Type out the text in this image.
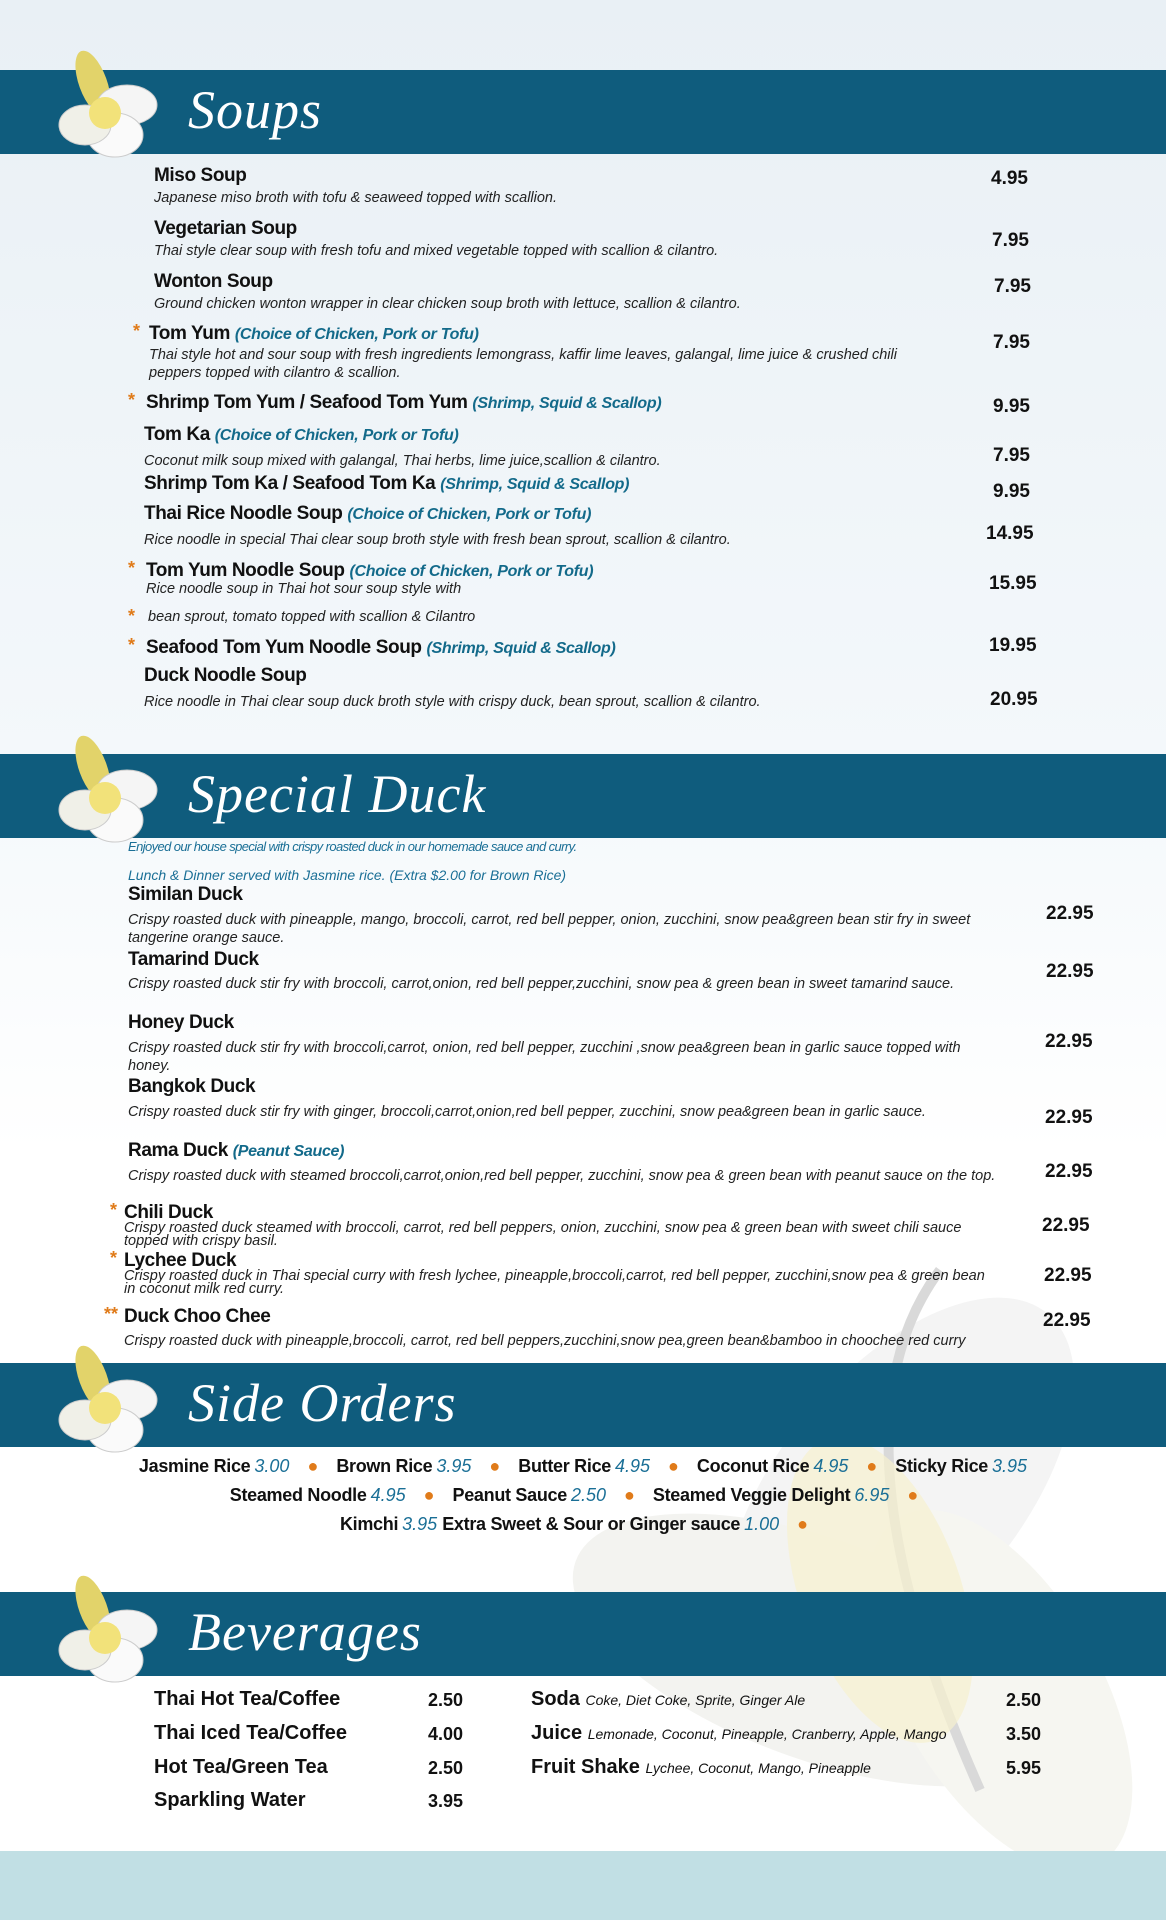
Soups
Miso Soup
Japanese miso broth with tofu & seaweed topped with scallion.
4.95
Vegetarian Soup
Thai style clear soup with fresh tofu and mixed vegetable topped with scallion & cilantro.	7.95
Wonton Soup
Ground chicken wonton wrapper in clear chicken soup broth with lettuce, scallion & cilantro.
7.95
* Tom Yum (Choice of Chicken, Pork or Tofu)
Thai style hot and sour soup with fresh ingredients lemongrass, kaffir lime leaves, galangal, lime juice & crushed chili peppers topped with cilantro & scallion.
7.95
* Shrimp Tom Yum / Seafood Tom Yum (Shrimp, Squid & Scallop)	9.95
Tom Ka (Choice of Chicken, Pork or Tofu)
Coconut milk soup mixed with galangal, Thai herbs, lime juice,scallion & cilantro.	7.95
Shrimp Tom Ka / Seafood Tom Ka (Shrimp, Squid & Scallop)	9.95
Thai Rice Noodle Soup (Choice of Chicken, Pork or Tofu)
Rice noodle in special Thai clear soup broth style with fresh bean sprout, scallion & cilantro.	14.95
* Tom Yum Noodle Soup (Choice of Chicken, Pork or Tofu)
Rice noodle soup in Thai hot sour soup style with	15.95
* bean sprout, tomato topped with scallion & Cilantro
* Seafood Tom Yum Noodle Soup (Shrimp, Squid & Scallop)	19.95
Duck Noodle Soup
Rice noodle in Thai clear soup duck broth style with crispy duck, bean sprout, scallion & cilantro.	20.95
Special Duck
Enjoyed our house special with crispy roasted duck in our homemade sauce and curry.
Lunch & Dinner served with Jasmine rice. (Extra $2.00 for Brown Rice)
Similan Duck
Crispy roasted duck with pineapple, mango, broccoli, carrot, red bell pepper, onion, zucchini, snow pea&green bean stir fry in sweet tangerine orange sauce.
22.95
Tamarind Duck
Crispy roasted duck stir fry with broccoli, carrot,onion, red bell pepper,zucchini, snow pea & green bean in sweet tamarind sauce.
22.95
Honey Duck
Crispy roasted duck stir fry with broccoli,carrot, onion, red bell pepper, zucchini ,snow pea&green bean in garlic sauce topped with honey.
22.95
Bangkok Duck
Crispy roasted duck stir fry with ginger, broccoli,carrot,onion,red bell pepper, zucchini, snow pea&green bean in garlic sauce.	22.95
Rama Duck (Peanut Sauce)
Crispy roasted duck with steamed broccoli,carrot,onion,red bell pepper, zucchini, snow pea & green bean with peanut sauce on the top.	22.95
* Chili Duck
Crispy roasted duck steamed with broccoli, carrot, red bell peppers, onion, zucchini, snow pea & green bean with sweet chili sauce topped with crispy basil.
22.95
* Lychee Duck
Crispy roasted duck in Thai special curry with fresh lychee, pineapple,broccoli,carrot, red bell pepper, zucchini,snow pea & green bean in coconut milk red curry.
22.95
** Duck Choo Chee
Crispy roasted duck with pineapple,broccoli, carrot, red bell peppers,zucchini,snow pea,green bean&bamboo in choochee red curry
22.95
Side Orders
Jasmine Rice 3.00 ● Brown Rice 3.95 ● Butter Rice 4.95 ● Coconut Rice 4.95 ● Sticky Rice 3.95
Steamed Noodle 4.95 ● Peanut Sauce 2.50 ● Steamed Veggie Delight 6.95 ●
Kimchi 3.95 Extra Sweet & Sour or Ginger sauce 1.00 ●
Beverages
Thai Hot Tea/Coffee	2.50
Thai Iced Tea/Coffee	4.00
Hot Tea/Green Tea	2.50
Sparkling Water	3.95
Soda Coke, Diet Coke, Sprite, Ginger Ale	2.50
Juice Lemonade, Coconut, Pineapple, Cranberry, Apple, Mango	3.50
Fruit Shake Lychee, Coconut, Mango, Pineapple	5.95
